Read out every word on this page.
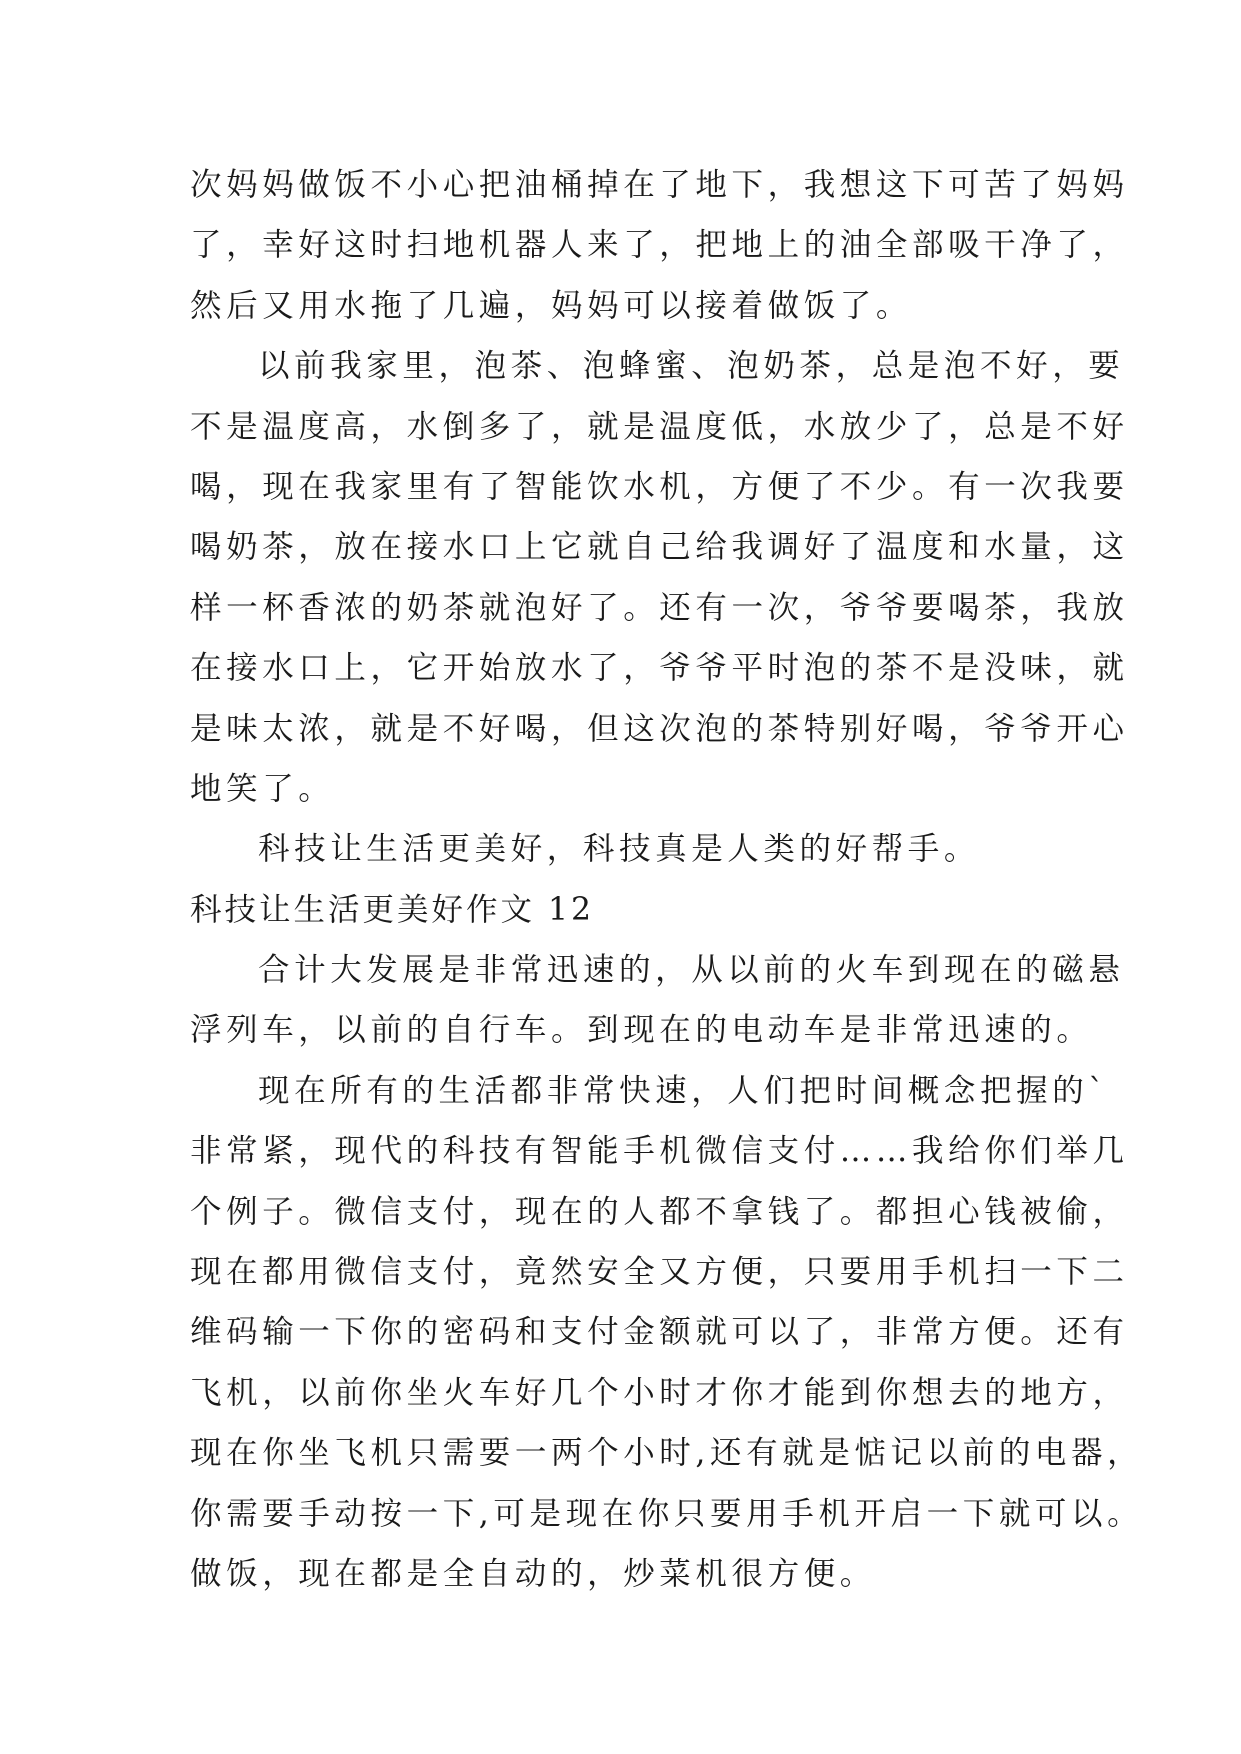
次妈妈做饭不小心把油桶掉在了地下，我想这下可苦了妈妈
了，幸好这时扫地机器人来了，把地上的油全部吸干净了，
然后又用水拖了几遍，妈妈可以接着做饭了。
以前我家里，泡茶、泡蜂蜜、泡奶茶，总是泡不好，要
不是温度高，水倒多了，就是温度低，水放少了，总是不好
喝，现在我家里有了智能饮水机，方便了不少。有一次我要
喝奶茶，放在接水口上它就自己给我调好了温度和水量，这
样一杯香浓的奶茶就泡好了。还有一次，爷爷要喝茶，我放
在接水口上，它开始放水了，爷爷平时泡的茶不是没味，就
是味太浓，就是不好喝，但这次泡的茶特别好喝，爷爷开心
地笑了。
科技让生活更美好，科技真是人类的好帮手。
科技让生活更美好作文 12
合计大发展是非常迅速的，从以前的火车到现在的磁悬
浮列车，以前的自行车。到现在的电动车是非常迅速的。
现在所有的生活都非常快速，人们把时间概念把握的`
非常紧，现代的科技有智能手机微信支付……我给你们举几
个例子。微信支付，现在的人都不拿钱了。都担心钱被偷，
现在都用微信支付，竟然安全又方便，只要用手机扫一下二
维码输一下你的密码和支付金额就可以了，非常方便。还有
飞机，以前你坐火车好几个小时才你才能到你想去的地方，
现在你坐飞机只需要一两个小时,还有就是惦记以前的电器，
你需要手动按一下,可是现在你只要用手机开启一下就可以。
做饭，现在都是全自动的，炒菜机很方便。
